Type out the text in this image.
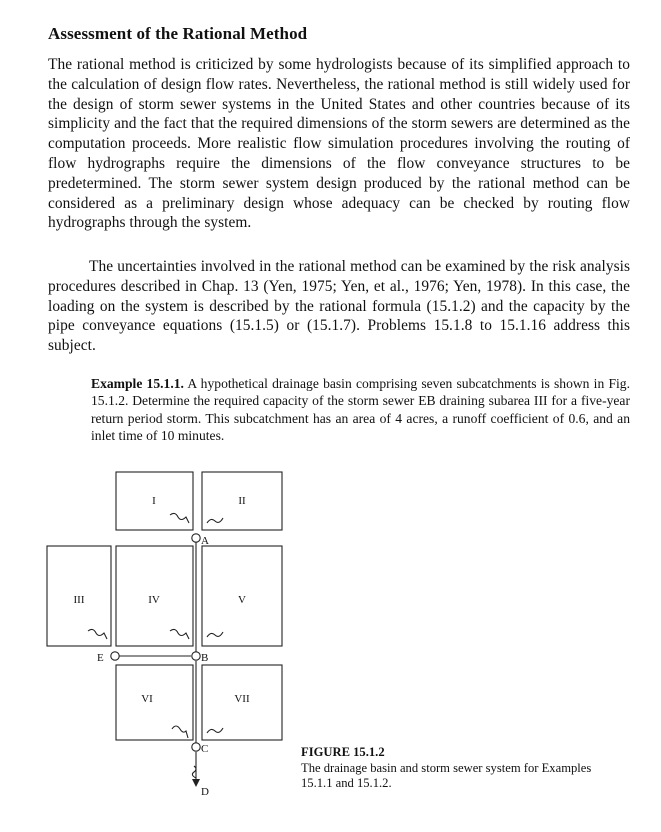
Assessment of the Rational Method

The rational method is criticized by some hydrologists because of its simplified approach to the calculation of design flow rates. Nevertheless, the rational method is still widely used for the design of storm sewer systems in the United States and other countries because of its simplicity and the fact that the required dimensions of the storm sewers are determined as the computation proceeds. More realistic flow simulation procedures involving the routing of flow hydrographs require the dimensions of the flow conveyance structures to be predetermined. The storm sewer system design produced by the rational method can be considered as a preliminary design whose adequacy can be checked by routing flow hydrographs through the system.

The uncertainties involved in the rational method can be examined by the risk analysis procedures described in Chap. 13 (Yen, 1975; Yen, et al., 1976; Yen, 1978). In this case, the loading on the system is described by the rational formula (15.1.2) and the capacity by the pipe conveyance equations (15.1.5) or (15.1.7). Problems 15.1.8 to 15.1.16 address this subject.

Example 15.1.1. A hypothetical drainage basin comprising seven subcatchments is shown in Fig. 15.1.2. Determine the required capacity of the storm sewer EB draining subarea III for a five-year return period storm. This subcatchment has an area of 4 acres, a runoff coefficient of 0.6, and an inlet time of 10 minutes.

I	II
III	IV	V
VI	VII
A
B
C
D
E

FIGURE 15.1.2
The drainage basin and storm sewer system for Examples 15.1.1 and 15.1.2.
